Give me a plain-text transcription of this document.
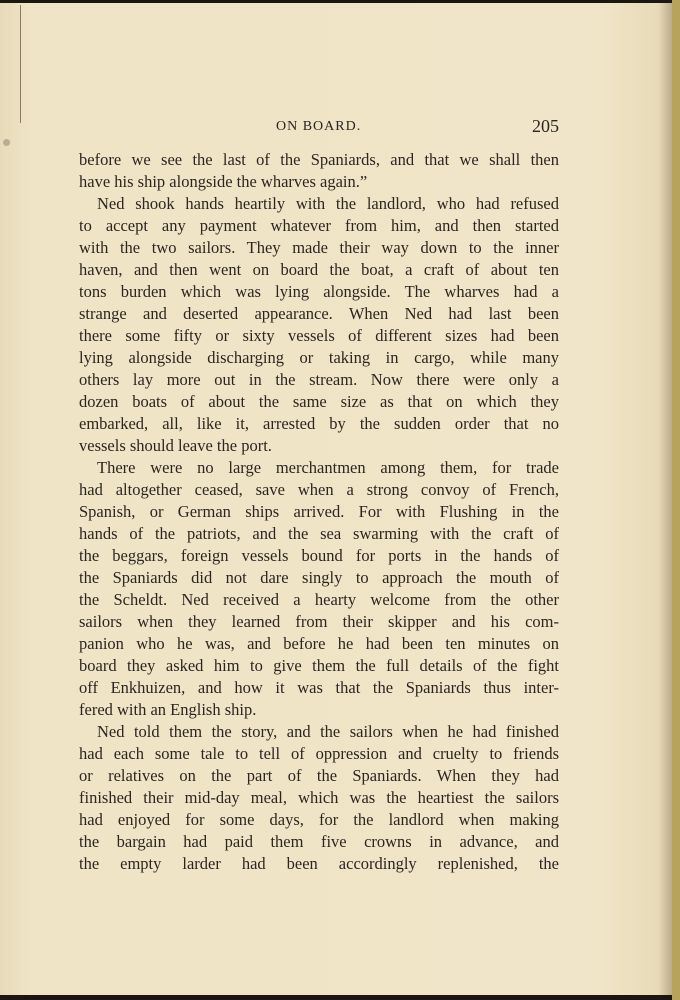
ON BOARD.	205
before we see the last of the Spaniards, and that we shall then
have his ship alongside the wharves again.”
Ned shook hands heartily with the landlord, who had refused
to accept any payment whatever from him, and then started
with the two sailors. They made their way down to the inner
haven, and then went on board the boat, a craft of about ten
tons burden which was lying alongside. The wharves had a
strange and deserted appearance. When Ned had last been
there some fifty or sixty vessels of different sizes had been
lying alongside discharging or taking in cargo, while many
others lay more out in the stream. Now there were only a
dozen boats of about the same size as that on which they
embarked, all, like it, arrested by the sudden order that no
vessels should leave the port.
There were no large merchantmen among them, for trade
had altogether ceased, save when a strong convoy of French,
Spanish, or German ships arrived. For with Flushing in the
hands of the patriots, and the sea swarming with the craft of
the beggars, foreign vessels bound for ports in the hands of
the Spaniards did not dare singly to approach the mouth of
the Scheldt. Ned received a hearty welcome from the other
sailors when they learned from their skipper and his com-
panion who he was, and before he had been ten minutes on
board they asked him to give them the full details of the fight
off Enkhuizen, and how it was that the Spaniards thus inter-
fered with an English ship.
Ned told them the story, and the sailors when he had finished
had each some tale to tell of oppression and cruelty to friends
or relatives on the part of the Spaniards. When they had
finished their mid-day meal, which was the heartiest the sailors
had enjoyed for some days, for the landlord when making
the bargain had paid them five crowns in advance, and
the empty larder had been accordingly replenished, the
